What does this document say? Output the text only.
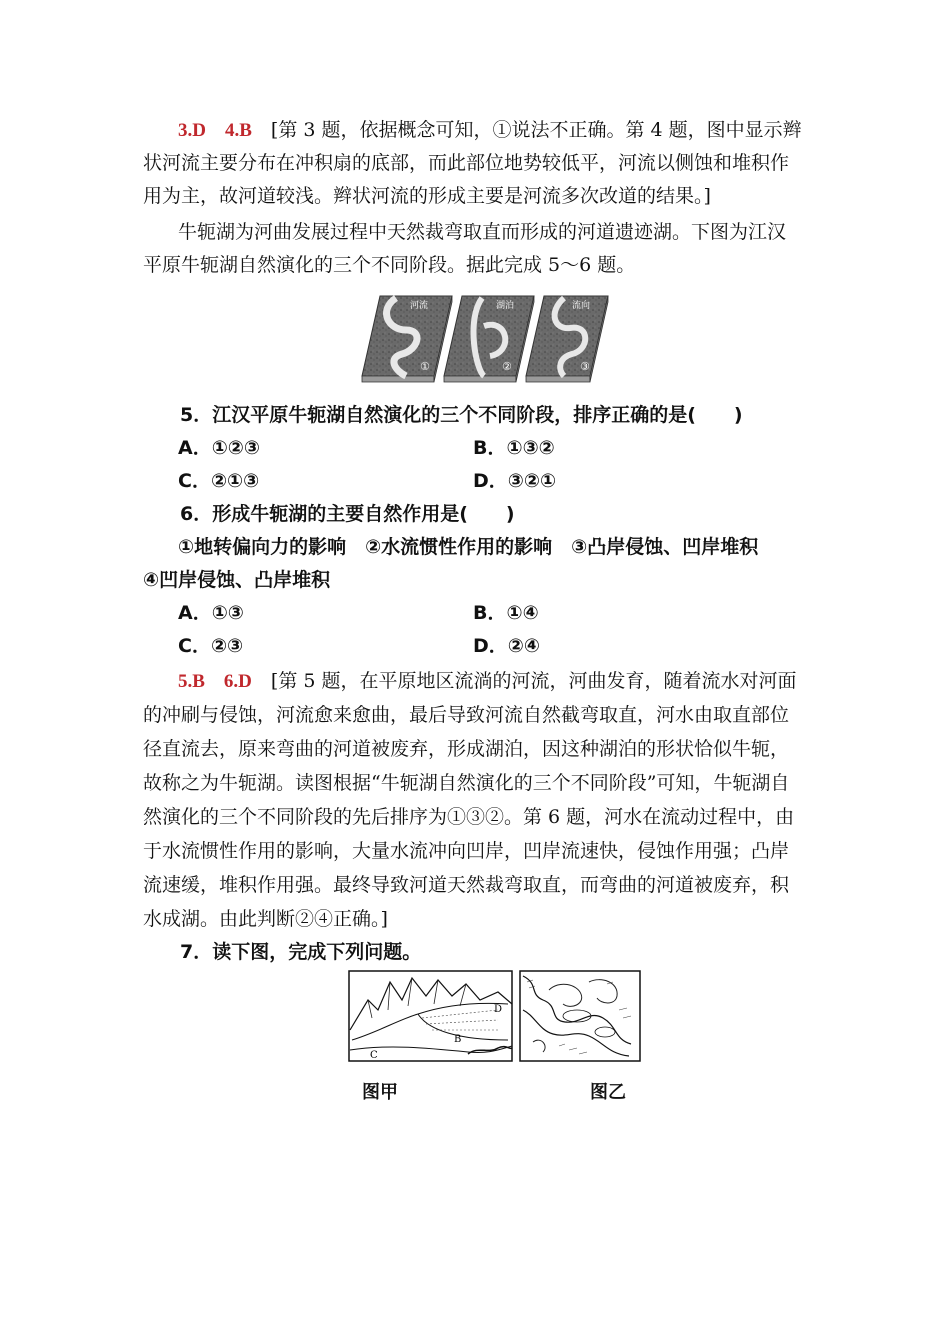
3.D　4.B　[第 3 题，依据概念可知，①说法不正确。第 4 题，图中显示辫
状河流主要分布在冲积扇的底部，而此部位地势较低平，河流以侧蚀和堆积作
用为主，故河道较浅。辫状河流的形成主要是河流多次改道的结果。]
牛轭湖为河曲发展过程中天然裁弯取直而形成的河道遗迹湖。下图为江汉
平原牛轭湖自然演化的三个不同阶段。据此完成 5～6 题。
河流	湖泊	流向
①	②	③
5．江汉平原牛轭湖自然演化的三个不同阶段，排序正确的是(　　)
A．①②③	B．①③②
C．②①③	D．③②①
6．形成牛轭湖的主要自然作用是(　　)
①地转偏向力的影响　②水流惯性作用的影响　③凸岸侵蚀、凹岸堆积
④凹岸侵蚀、凸岸堆积
A．①③	B．①④
C．②③	D．②④
5.B　6.D　[第 5 题，在平原地区流淌的河流，河曲发育，随着流水对河面
的冲刷与侵蚀，河流愈来愈曲，最后导致河流自然截弯取直，河水由取直部位
径直流去，原来弯曲的河道被废弃，形成湖泊，因这种湖泊的形状恰似牛轭，
故称之为牛轭湖。读图根据“牛轭湖自然演化的三个不同阶段”可知，牛轭湖自
然演化的三个不同阶段的先后排序为①③②。第 6 题，河水在流动过程中，由
于水流惯性作用的影响，大量水流冲向凹岸，凹岸流速快，侵蚀作用强；凸岸
流速缓，堆积作用强。最终导致河道天然裁弯取直，而弯曲的河道被废弃，积
水成湖。由此判断②④正确。]
7．读下图，完成下列问题。
D
B
C
图甲	图乙
